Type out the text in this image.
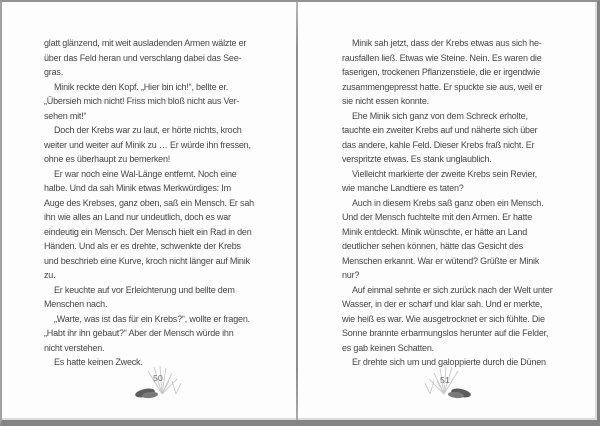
glatt glänzend, mit weit ausladenden Armen wälzte er
über das Feld heran und verschlang dabei das See-
gras.
Minik reckte den Kopf. „Hier bin ich!“, bellte er.
„Übersieh mich nicht! Friss mich bloß nicht aus Ver-
sehen mit!“
Doch der Krebs war zu laut, er hörte nichts, kroch
weiter und weiter auf Minik zu … Er würde ihn fressen,
ohne es überhaupt zu bemerken!
Er war noch eine Wal-Länge entfernt. Noch eine
halbe. Und da sah Minik etwas Merkwürdiges: Im
Auge des Krebses, ganz oben, saß ein Mensch. Er sah
ihn wie alles an Land nur undeutlich, doch es war
eindeutig ein Mensch. Der Mensch hielt ein Rad in den
Händen. Und als er es drehte, schwenkte der Krebs
und beschrieb eine Kurve, kroch nicht länger auf Minik
zu.
Er keuchte auf vor Erleichterung und bellte dem
Menschen nach.
„Warte, was ist das für ein Krebs?“, wollte er fragen.
„Habt ihr ihn gebaut?“ Aber der Mensch würde ihn
nicht verstehen.
Es hatte keinen Zweck.
Minik sah jetzt, dass der Krebs etwas aus sich he-
rausfallen ließ. Etwas wie Steine. Nein. Es waren die
faserigen, trockenen Pflanzenstiele, die er irgendwie
zusammengepresst hatte. Er spuckte sie aus, weil er
sie nicht essen konnte.
Ehe Minik sich ganz von dem Schreck erholte,
tauchte ein zweiter Krebs auf und näherte sich über
das andere, kahle Feld. Dieser Krebs fraß nicht. Er
verspritzte etwas. Es stank unglaublich.
Vielleicht markierte der zweite Krebs sein Revier,
wie manche Landtiere es taten?
Auch in diesem Krebs saß ganz oben ein Mensch.
Und der Mensch fuchtelte mit den Armen. Er hatte
Minik entdeckt. Minik wünschte, er hätte an Land
deutlicher sehen können, hätte das Gesicht des
Menschen erkannt. War er wütend? Grüßte er Minik
nur?
Auf einmal sehnte er sich zurück nach der Welt unter
Wasser, in der er scharf und klar sah. Und er merkte,
wie heiß es war. Wie ausgetrocknet er sich fühlte. Die
Sonne brannte erbarmungslos herunter auf die Felder,
es gab keinen Schatten.
Er drehte sich um und galoppierte durch die Dünen
50	51
